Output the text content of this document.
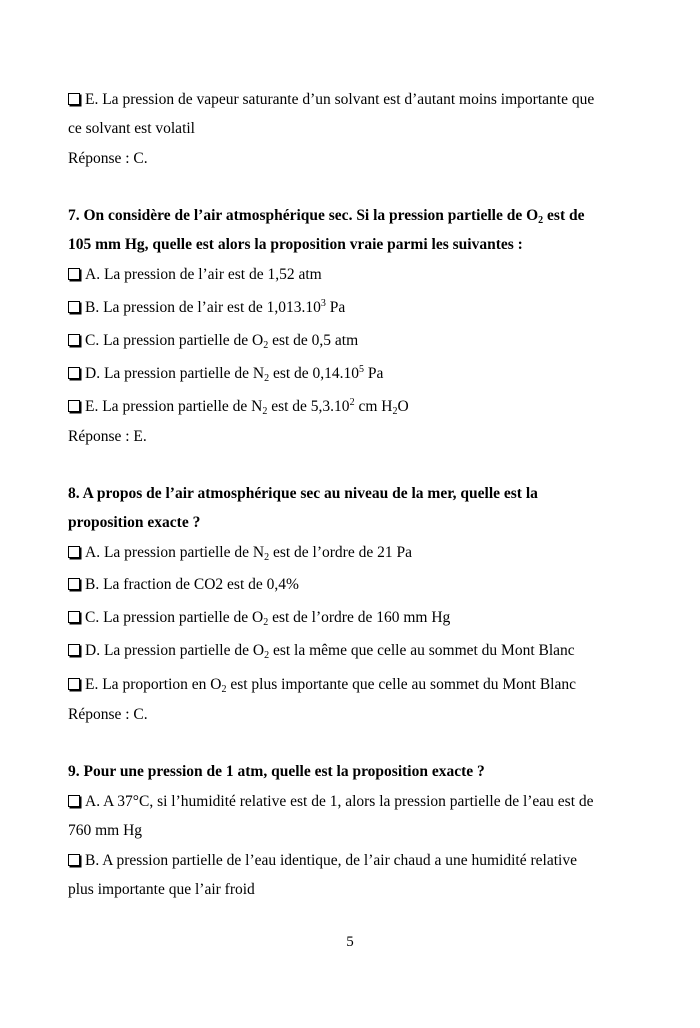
E. La pression de vapeur saturante d’un solvant est d’autant moins importante que
ce solvant est volatil
Réponse : C.
7. On considère de l’air atmosphérique sec. Si la pression partielle de $O_2$ est de
105 mm Hg, quelle est alors la proposition vraie parmi les suivantes :
A. La pression de l’air est de 1,52 atm
B. La pression de l’air est de 1,013.10$^3$ Pa
C. La pression partielle de $O_2$ est de 0,5 atm
D. La pression partielle de $N_2$ est de 0,14.10$^5$ Pa
E. La pression partielle de $N_2$ est de 5,3.10$^2$ cm $H_2O$
Réponse : E.
8. A propos de l’air atmosphérique sec au niveau de la mer, quelle est la
proposition exacte ?
A. La pression partielle de $N_2$ est de l’ordre de 21 Pa
B. La fraction de CO2 est de 0,4%
C. La pression partielle de $O_2$ est de l’ordre de 160 mm Hg
D. La pression partielle de $O_2$ est la même que celle au sommet du Mont Blanc
E. La proportion en $O_2$ est plus importante que celle au sommet du Mont Blanc
Réponse : C.
9. Pour une pression de 1 atm, quelle est la proposition exacte ?
A. A 37°C, si l’humidité relative est de 1, alors la pression partielle de l’eau est de
760 mm Hg
B. A pression partielle de l’eau identique, de l’air chaud a une humidité relative
plus importante que l’air froid
5
